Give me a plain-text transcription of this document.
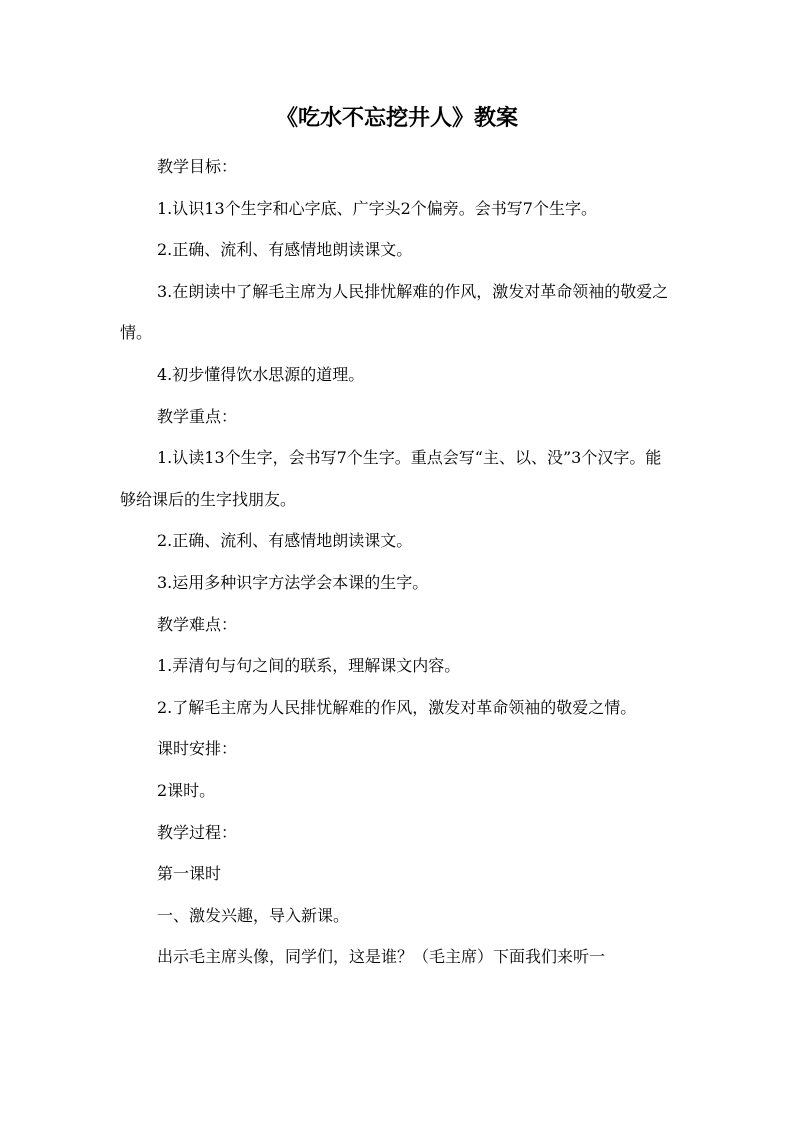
《吃水不忘挖井人》教案

教学目标：

1.认识13个生字和心字底、广字头2个偏旁。会书写7个生字。

2.正确、流利、有感情地朗读课文。

3.在朗读中了解毛主席为人民排忧解难的作风，激发对革命领袖的敬爱之情。

4.初步懂得饮水思源的道理。

教学重点：

1.认读13个生字，会书写7个生字。重点会写“主、以、没”3个汉字。能够给课后的生字找朋友。

2.正确、流利、有感情地朗读课文。

3.运用多种识字方法学会本课的生字。

教学难点：

1.弄清句与句之间的联系，理解课文内容。

2.了解毛主席为人民排忧解难的作风，激发对革命领袖的敬爱之情。

课时安排：

2课时。

教学过程：

第一课时

一、激发兴趣，导入新课。

出示毛主席头像，同学们，这是谁？（毛主席）下面我们来听一
